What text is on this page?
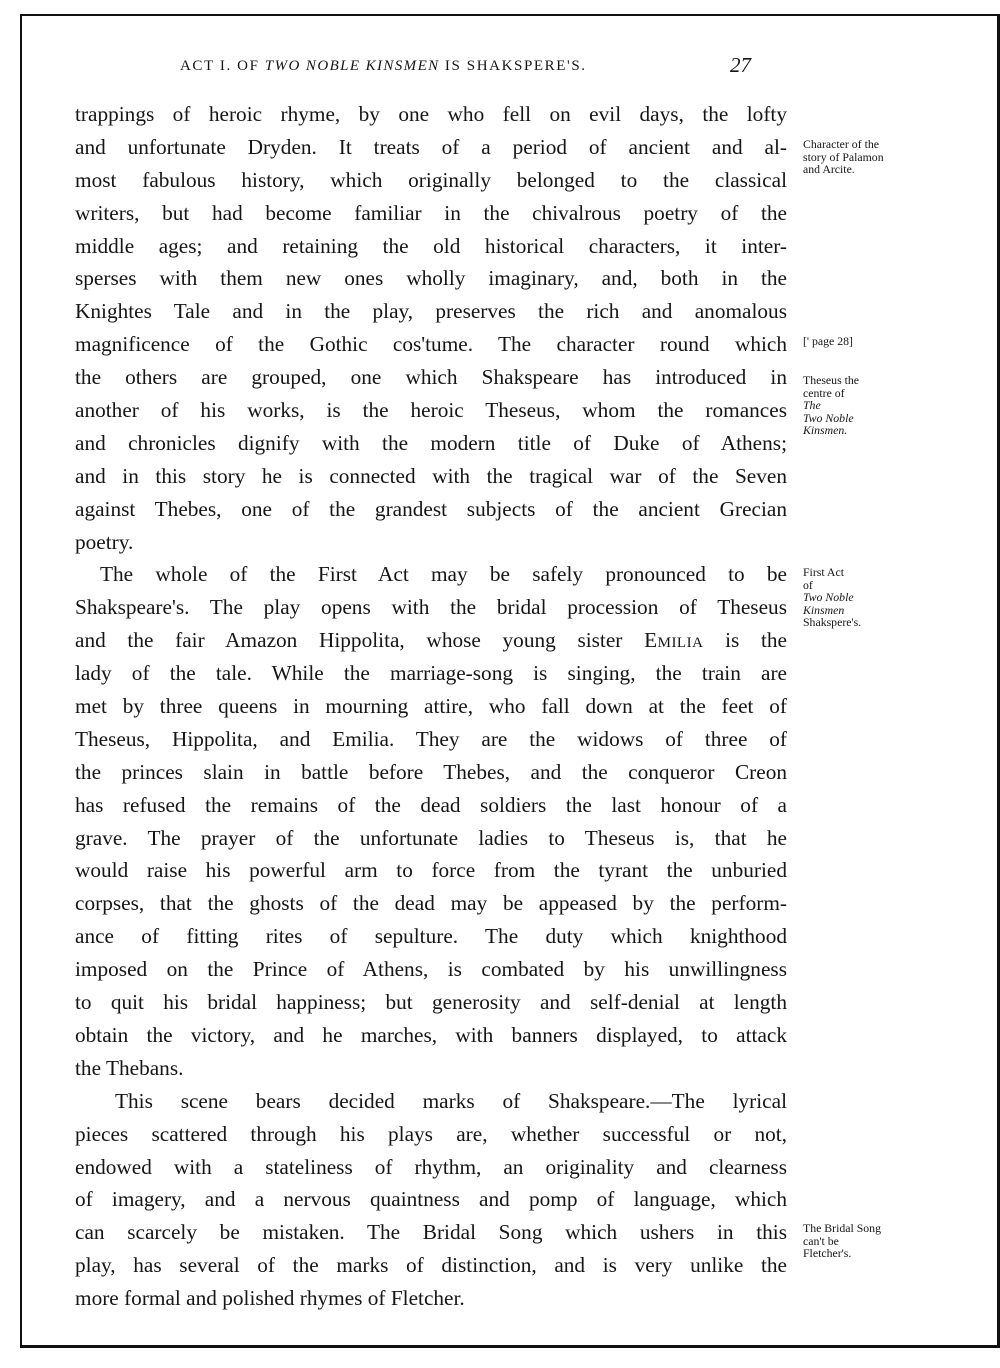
ACT I. OF TWO NOBLE KINSMEN IS SHAKSPERE'S.	27
trappings of heroic rhyme, by one who fell on evil days, the lofty
and unfortunate Dryden. It treats of a period of ancient and al-
most fabulous history, which originally belonged to the classical
writers, but had become familiar in the chivalrous poetry of the
middle ages; and retaining the old historical characters, it inter-
sperses with them new ones wholly imaginary, and, both in the
Knightes Tale and in the play, preserves the rich and anomalous
magnificence of the Gothic cos'tume. The character round which
the others are grouped, one which Shakspeare has introduced in
another of his works, is the heroic Theseus, whom the romances
and chronicles dignify with the modern title of Duke of Athens;
and in this story he is connected with the tragical war of the Seven
against Thebes, one of the grandest subjects of the ancient Grecian
poetry.
The whole of the First Act may be safely pronounced to be
Shakspeare's. The play opens with the bridal procession of Theseus
and the fair Amazon Hippolita, whose young sister Emilia is the
lady of the tale. While the marriage-song is singing, the train are
met by three queens in mourning attire, who fall down at the feet of
Theseus, Hippolita, and Emilia. They are the widows of three of
the princes slain in battle before Thebes, and the conqueror Creon
has refused the remains of the dead soldiers the last honour of a
grave. The prayer of the unfortunate ladies to Theseus is, that he
would raise his powerful arm to force from the tyrant the unburied
corpses, that the ghosts of the dead may be appeased by the perform-
ance of fitting rites of sepulture. The duty which knighthood
imposed on the Prince of Athens, is combated by his unwillingness
to quit his bridal happiness; but generosity and self-denial at length
obtain the victory, and he marches, with banners displayed, to attack
the Thebans.
This scene bears decided marks of Shakspeare.—The lyrical
pieces scattered through his plays are, whether successful or not,
endowed with a stateliness of rhythm, an originality and clearness
of imagery, and a nervous quaintness and pomp of language, which
can scarcely be mistaken. The Bridal Song which ushers in this
play, has several of the marks of distinction, and is very unlike the
more formal and polished rhymes of Fletcher.
Character of the
story of Palamon
and Arcite.
[' page 28]
Theseus the
centre of
The
Two Noble
Kinsmen.
First Act
of
Two Noble
Kinsmen
Shakspere's.
The Bridal Song
can't be
Fletcher's.
